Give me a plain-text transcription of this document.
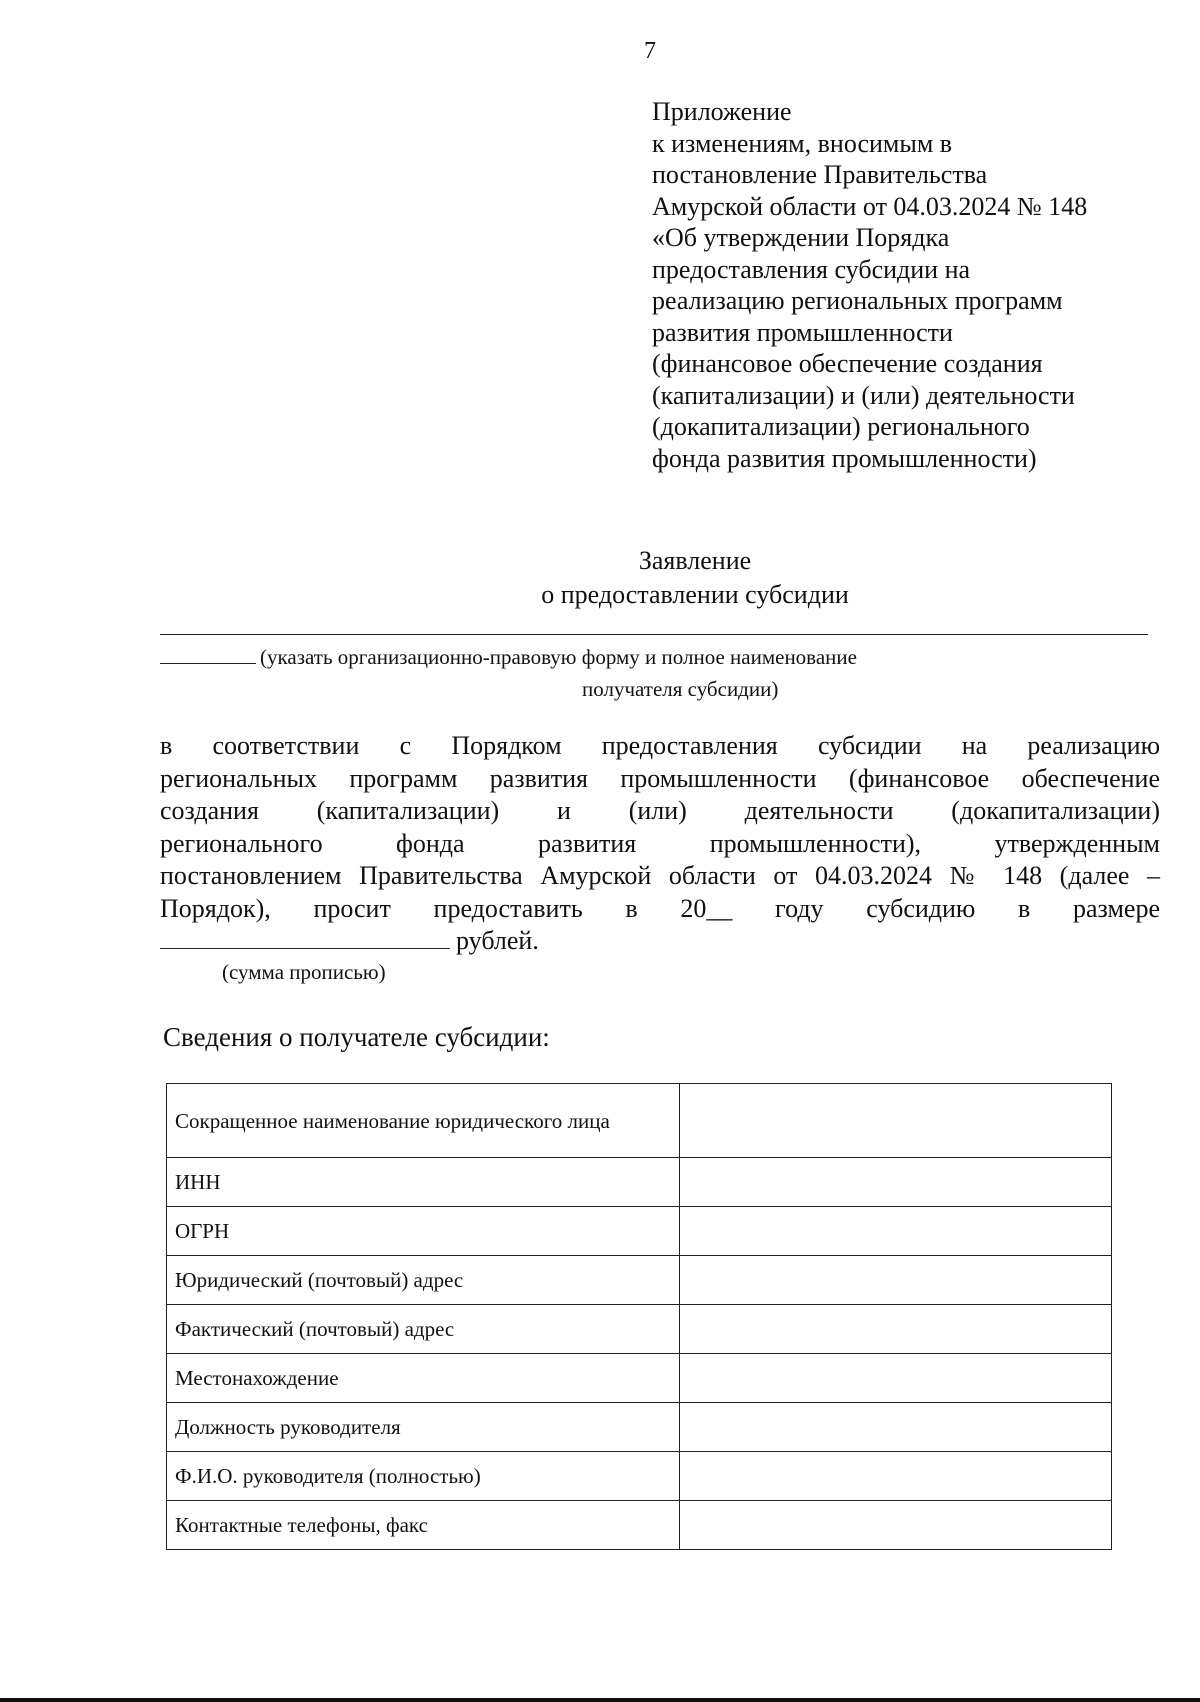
7
Приложение
к изменениям, вносимым в
постановление Правительства
Амурской области от 04.03.2024 № 148
«Об утверждении Порядка
предоставления субсидии на
реализацию региональных программ
развития промышленности
(финансовое обеспечение создания
(капитализации) и (или) деятельности
(докапитализации) регионального
фонда развития промышленности)
Заявление
о предоставлении субсидии
(указать организационно-правовую форму и полное наименование
получателя субсидии)
в соответствии с Порядком предоставления субсидии на реализацию
региональных программ развития промышленности (финансовое обеспечение
создания (капитализации) и (или) деятельности (докапитализации)
регионального фонда развития промышленности), утвержденным
постановлением Правительства Амурской области от 04.03.2024 № 148 (далее –
Порядок), просит предоставить в 20__ году субсидию в размере
рублей.
(сумма прописью)
Сведения о получателе субсидии:
Сокращенное наименование юридического лица	
ИНН	
ОГРН	
Юридический (почтовый) адрес	
Фактический (почтовый) адрес	
Местонахождение	
Должность руководителя	
Ф.И.О. руководителя (полностью)	
Контактные телефоны, факс	
